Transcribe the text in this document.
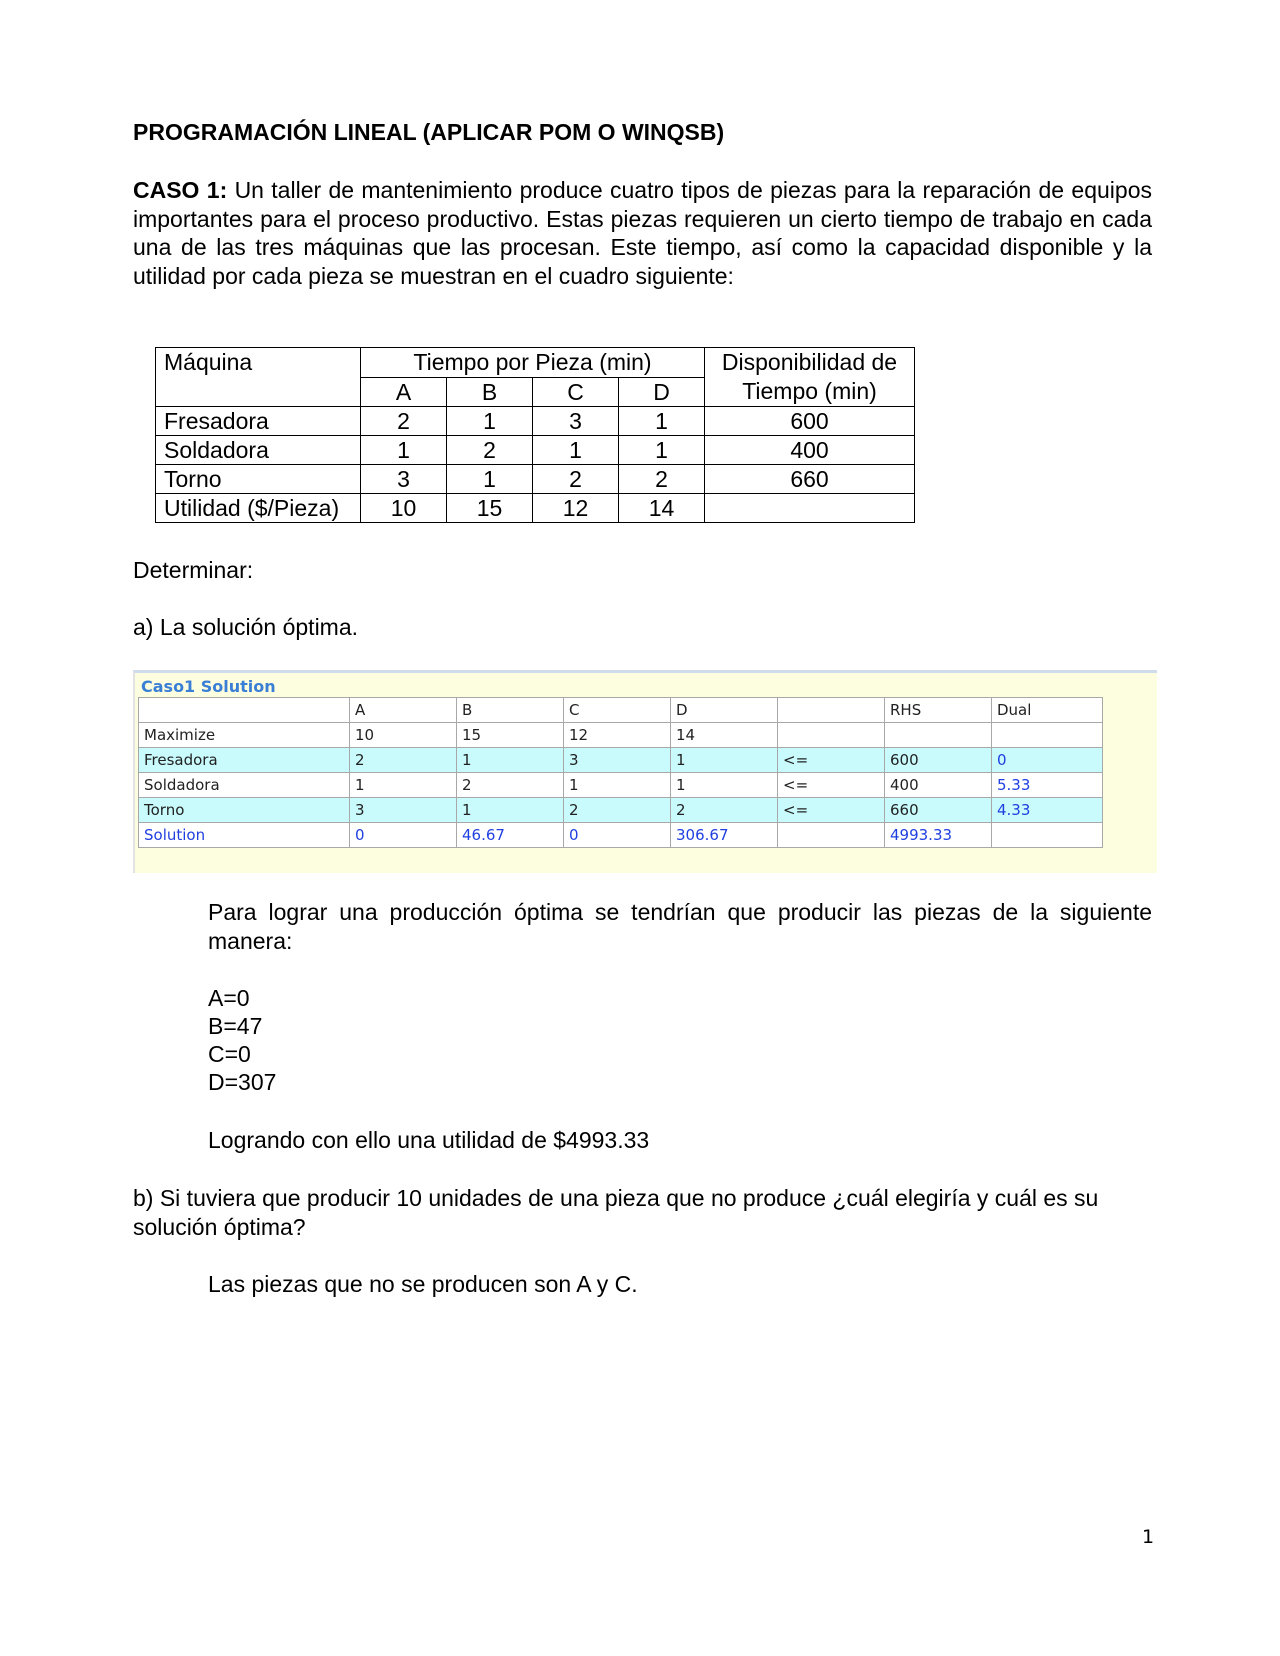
PROGRAMACIÓN LINEAL (APLICAR POM O WINQSB)
CASO 1: Un taller de mantenimiento produce cuatro tipos de piezas para la reparación de equipos importantes para el proceso productivo. Estas piezas requieren un cierto tiempo de trabajo en cada una de las tres máquinas que las procesan. Este tiempo, así como la capacidad disponible y la utilidad por cada pieza se muestran en el cuadro siguiente:
Máquina	Tiempo por Pieza (min)				Disponibilidad de
Tiempo (min)
	A	B	C	D	
Fresadora	2	1	3	1	600
Soldadora	1	2	1	1	400
Torno	3	1	2	2	660
Utilidad ($/Pieza)	10	15	12	14	
Determinar:
a) La solución óptima.
Caso1 Solution
	A	B	C	D		RHS	Dual
Maximize	10	15	12	14			
Fresadora	2	1	3	1	<=	600	0
Soldadora	1	2	1	1	<=	400	5.33
Torno	3	1	2	2	<=	660	4.33
Solution	0	46.67	0	306.67		4993.33	
Para lograr una producción óptima se tendrían que producir las piezas de la siguiente manera:
A=0
B=47
C=0
D=307
Logrando con ello una utilidad de $4993.33
b) Si tuviera que producir 10 unidades de una pieza que no produce ¿cuál elegiría y cuál es su solución óptima?
Las piezas que no se producen son A y C.
1
